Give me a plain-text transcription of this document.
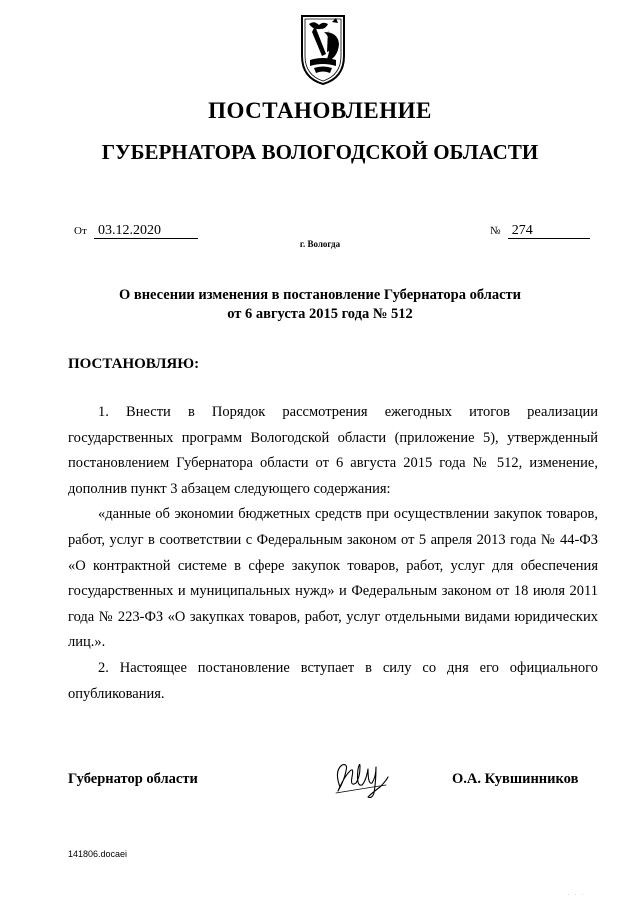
ПОСТАНОВЛЕНИЕ
ГУБЕРНАТОРА ВОЛОГОДСКОЙ ОБЛАСТИ
От 03.12.2020	№ 274
г. Вологда
О внесении изменения в постановление Губернатора области
от 6 августа 2015 года № 512
ПОСТАНОВЛЯЮ:

1. Внести в Порядок рассмотрения ежегодных итогов реализации государственных программ Вологодской области (приложение 5), утвержденный постановлением Губернатора области от 6 августа 2015 года № 512, изменение, дополнив пункт 3 абзацем следующего содержания:

«данные об экономии бюджетных средств при осуществлении закупок товаров, работ, услуг в соответствии с Федеральным законом от 5 апреля 2013 года № 44-ФЗ «О контрактной системе в сфере закупок товаров, работ, услуг для обеспечения государственных и муниципальных нужд» и Федеральным законом от 18 июля 2011 года № 223-ФЗ «О закупках товаров, работ, услуг отдельными видами юридических лиц.».

2. Настоящее постановление вступает в силу со дня его официального опубликования.

Губернатор области	О.А. Кувшинников
141806.docaei
· · ·
